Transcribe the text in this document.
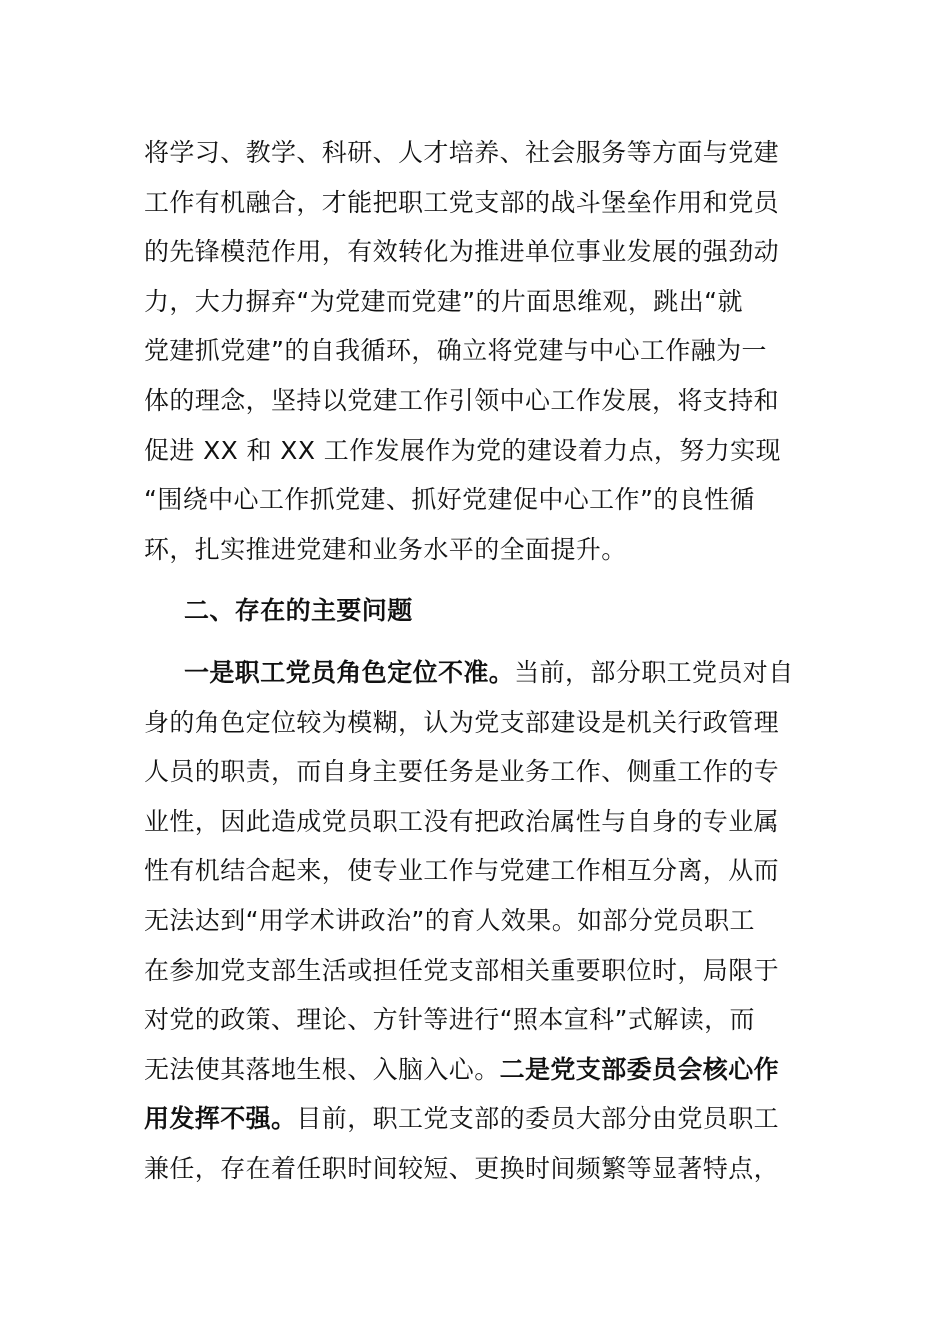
将学习、教学、科研、人才培养、社会服务等方面与党建
工作有机融合，才能把职工党支部的战斗堡垒作用和党员
的先锋模范作用，有效转化为推进单位事业发展的强劲动
力，大力摒弃“为党建而党建”的片面思维观，跳出“就
党建抓党建”的自我循环，确立将党建与中心工作融为一
体的理念，坚持以党建工作引领中心工作发展，将支持和
促进 XX 和 XX 工作发展作为党的建设着力点，努力实现
“围绕中心工作抓党建、抓好党建促中心工作”的良性循
环，扎实推进党建和业务水平的全面提升。
二、存在的主要问题
一是职工党员角色定位不准。当前，部分职工党员对自
身的角色定位较为模糊，认为党支部建设是机关行政管理
人员的职责，而自身主要任务是业务工作、侧重工作的专
业性，因此造成党员职工没有把政治属性与自身的专业属
性有机结合起来，使专业工作与党建工作相互分离，从而
无法达到“用学术讲政治”的育人效果。如部分党员职工
在参加党支部生活或担任党支部相关重要职位时，局限于
对党的政策、理论、方针等进行“照本宣科”式解读，而
无法使其落地生根、入脑入心。二是党支部委员会核心作
用发挥不强。目前，职工党支部的委员大部分由党员职工
兼任，存在着任职时间较短、更换时间频繁等显著特点，
